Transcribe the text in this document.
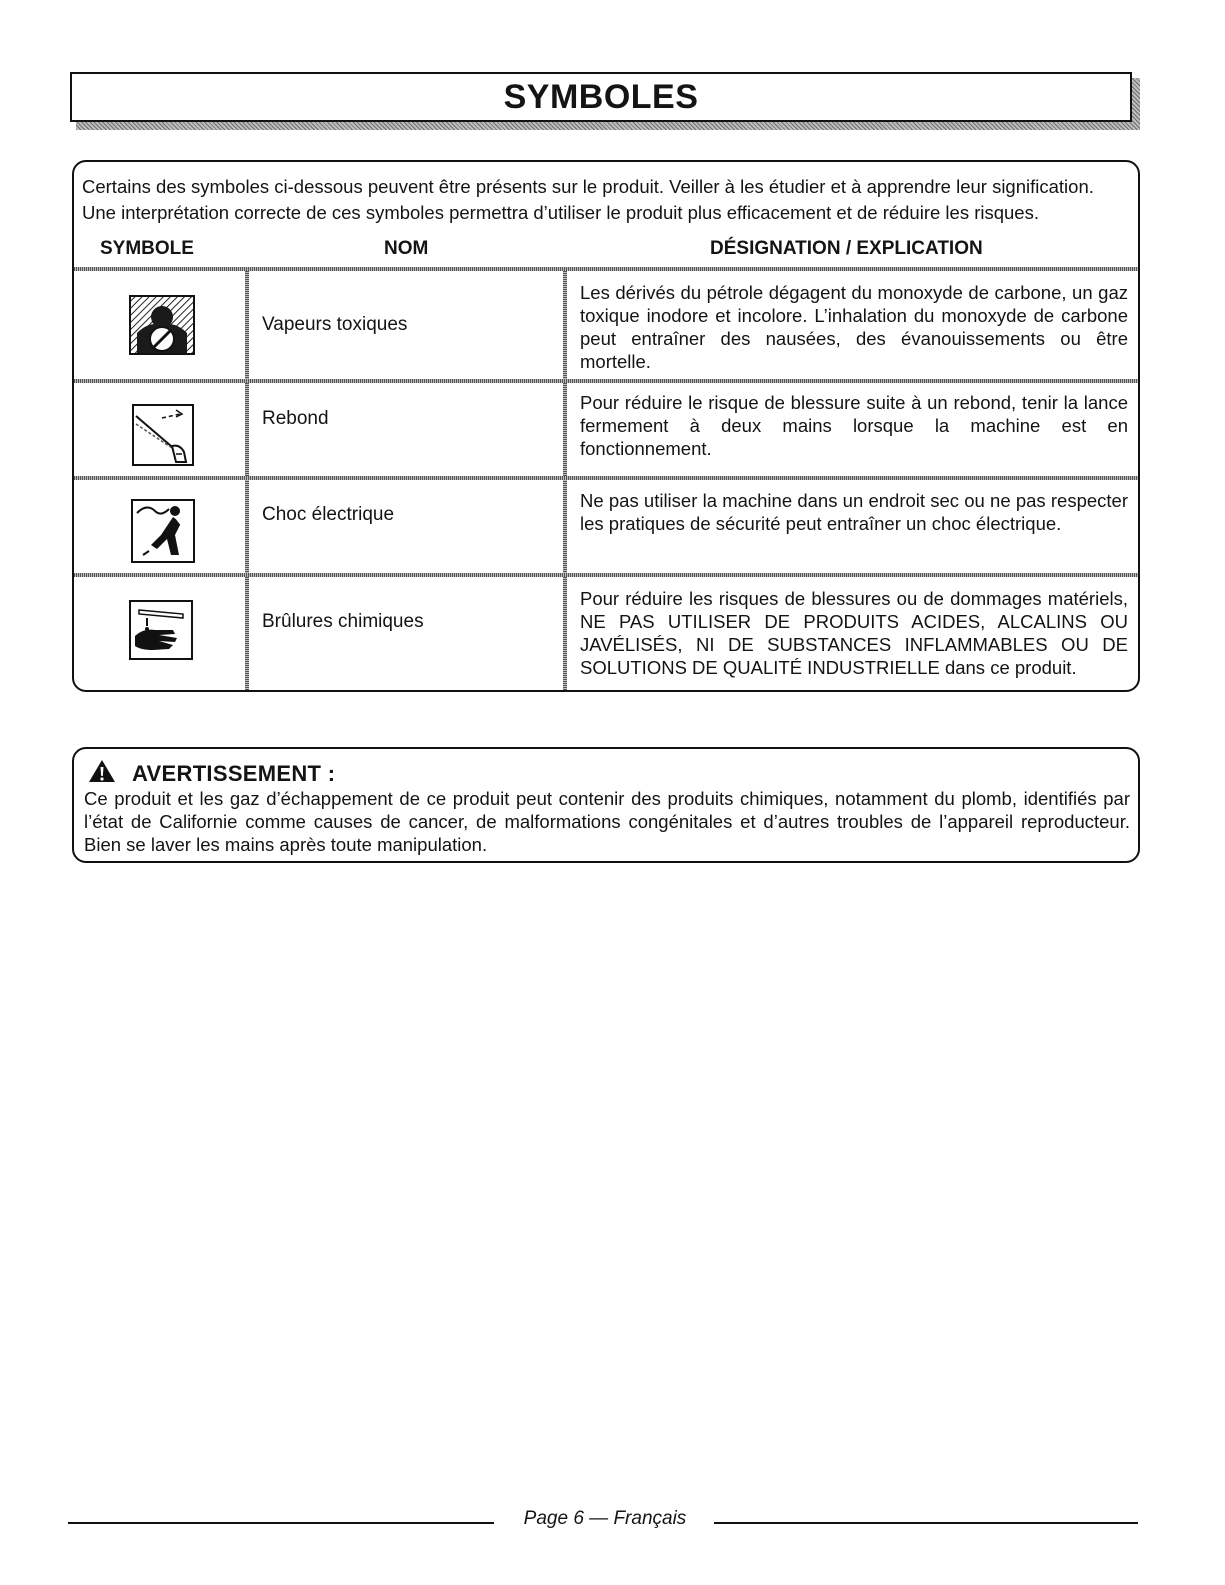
SYMBOLES
Certains des symboles ci-dessous peuvent être présents sur le produit. Veiller à les étudier et à apprendre leur signification.
Une interprétation correcte de ces symboles permettra d’utiliser le produit plus efficacement et de réduire les risques.
SYMBOLE	NOM	DÉSIGNATION / EXPLICATION
Vapeurs toxiques
Les dérivés du pétrole dégagent du monoxyde de carbone, un gaz toxique inodore et incolore. L’inhalation du monoxyde de carbone peut entraîner des nausées, des évanouissements ou être mortelle.
Rebond
Pour réduire le risque de blessure suite à un rebond, tenir la lance fermement à deux mains lorsque la machine est en fonctionnement.
Choc électrique
Ne pas utiliser la machine dans un endroit sec ou ne pas respecter les pratiques de sécurité peut entraîner un choc électrique.
Brûlures chimiques
Pour réduire les risques de blessures ou de dommages matériels, NE PAS UTILISER DE PRODUITS ACIDES, ALCALINS OU JAVÉLISÉS, NI DE SUBSTANCES INFLAMMABLES OU DE SOLUTIONS DE QUALITÉ INDUSTRIELLE dans ce produit.
AVERTISSEMENT :
Ce produit et les gaz d’échappement de ce produit peut contenir des produits chimiques, notamment du plomb, identifiés par l’état de Californie comme causes de cancer, de malformations congénitales et d’autres troubles de l’appareil reproducteur. Bien se laver les mains après toute manipulation.
Page 6 — Français
